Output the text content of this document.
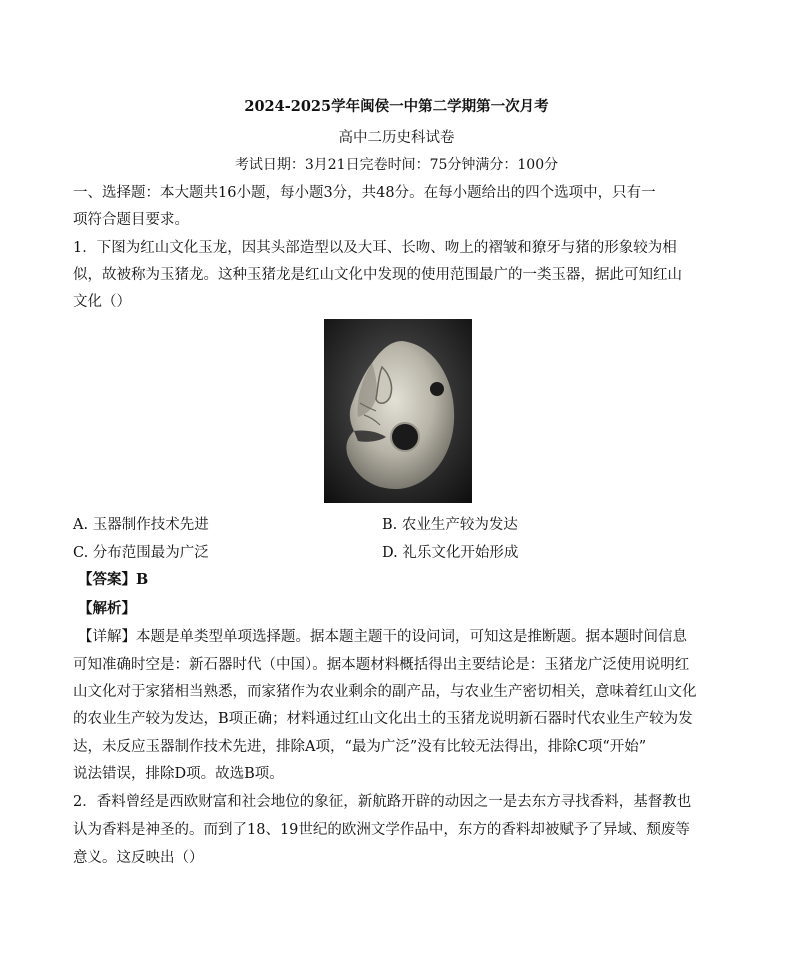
2024-2025学年闽侯一中第二学期第一次月考
高中二历史科试卷
考试日期：3月21日完卷时间：75分钟满分：100分
一、选择题：本大题共16小题，每小题3分，共48分。在每小题给出的四个选项中，只有一
项符合题目要求。
1．下图为红山文化玉龙，因其头部造型以及大耳、长吻、吻上的褶皱和獠牙与猪的形象较为相
似，故被称为玉猪龙。这种玉猪龙是红山文化中发现的使用范围最广的一类玉器，据此可知红山
文化（）
A. 玉器制作技术先进	B. 农业生产较为发达
C. 分布范围最为广泛	D. 礼乐文化开始形成
【答案】B
【解析】
【详解】本题是单类型单项选择题。据本题主题干的设问词，可知这是推断题。据本题时间信息
可知准确时空是：新石器时代（中国）。据本题材料概括得出主要结论是：玉猪龙广泛使用说明红
山文化对于家猪相当熟悉，而家猪作为农业剩余的副产品，与农业生产密切相关，意味着红山文化
的农业生产较为发达，B项正确；材料通过红山文化出土的玉猪龙说明新石器时代农业生产较为发
达，未反应玉器制作技术先进，排除A项，“最为广泛”没有比较无法得出，排除C项“开始”
说法错误，排除D项。故选B项。
2．香料曾经是西欧财富和社会地位的象征，新航路开辟的动因之一是去东方寻找香料，基督教也
认为香料是神圣的。而到了18、19世纪的欧洲文学作品中，东方的香料却被赋予了异域、颓废等
意义。这反映出（）
